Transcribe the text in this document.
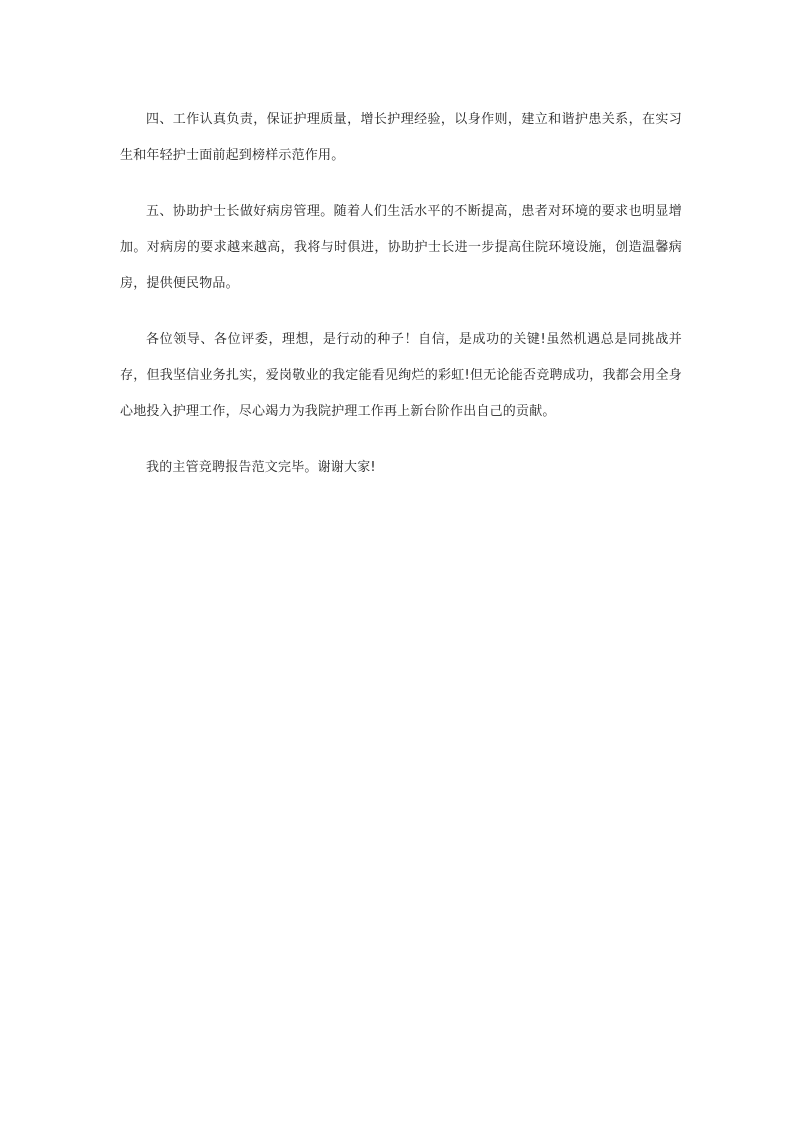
四、工作认真负责，保证护理质量，增长护理经验，以身作则，建立和谐护患关系，在实习生和年轻护士面前起到榜样示范作用。

五、协助护士长做好病房管理。随着人们生活水平的不断提高，患者对环境的要求也明显增加。对病房的要求越来越高，我将与时俱进，协助护士长进一步提高住院环境设施，创造温馨病房，提供便民物品。

各位领导、各位评委，理想，是行动的种子！自信，是成功的关键!虽然机遇总是同挑战并存，但我坚信业务扎实，爱岗敬业的我定能看见绚烂的彩虹!但无论能否竞聘成功，我都会用全身心地投入护理工作，尽心竭力为我院护理工作再上新台阶作出自己的贡献。

我的主管竞聘报告范文完毕。谢谢大家!
